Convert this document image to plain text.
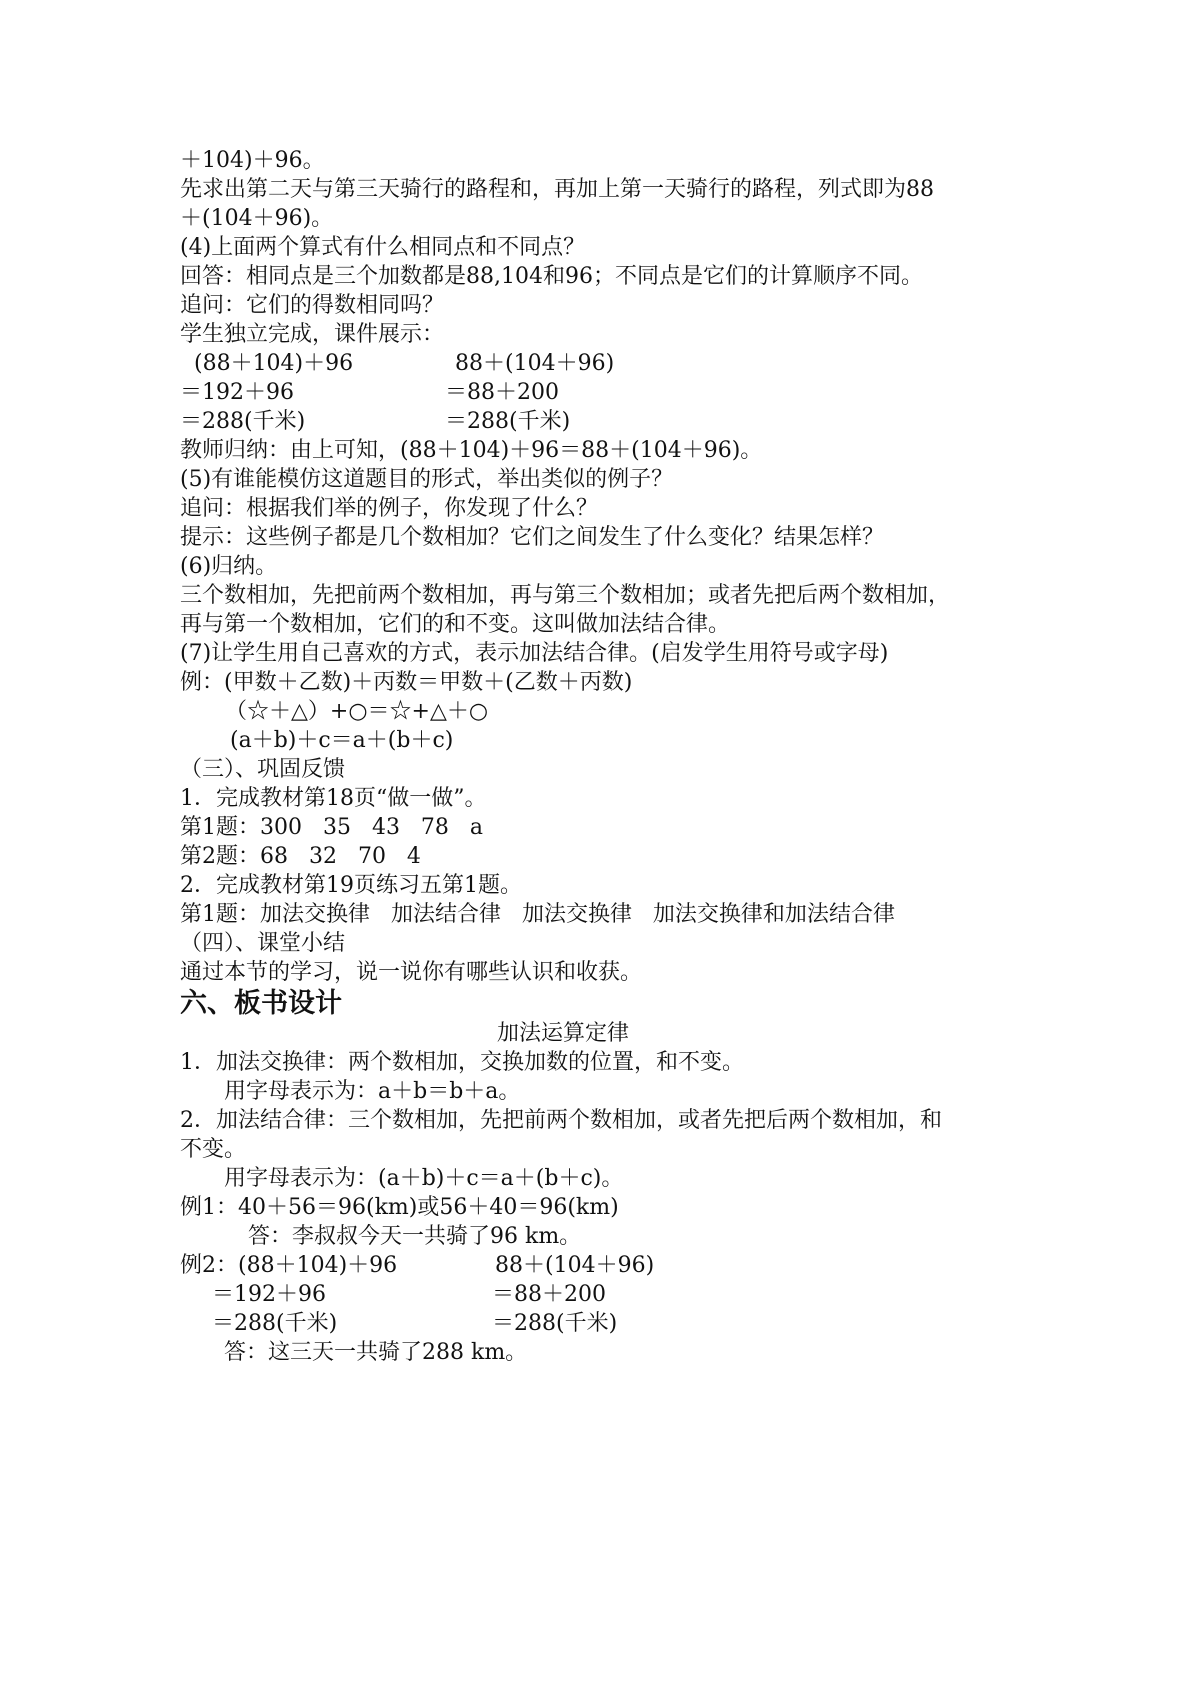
＋104)＋96。
先求出第二天与第三天骑行的路程和，再加上第一天骑行的路程，列式即为88
＋(104＋96)。
(4)上面两个算式有什么相同点和不同点？
回答：相同点是三个加数都是88,104和96；不同点是它们的计算顺序不同。
追问：它们的得数相同吗？
学生独立完成，课件展示：
(88＋104)＋96	88＋(104＋96)
＝192＋96	＝88＋200
＝288(千米)	＝288(千米)
教师归纳：由上可知，(88＋104)＋96＝88＋(104＋96)。
(5)有谁能模仿这道题目的形式，举出类似的例子？
追问：根据我们举的例子，你发现了什么？
提示：这些例子都是几个数相加？它们之间发生了什么变化？结果怎样？
(6)归纳。
三个数相加，先把前两个数相加，再与第三个数相加；或者先把后两个数相加，
再与第一个数相加，它们的和不变。这叫做加法结合律。
(7)让学生用自己喜欢的方式，表示加法结合律。(启发学生用符号或字母)
例：(甲数＋乙数)＋丙数＝甲数＋(乙数＋丙数)
（☆＋△）+○＝☆+△＋○
(a＋b)＋c＝a＋(b＋c)
（三）、巩固反馈
1．完成教材第18页“做一做”。
第1题：300   35   43   78   a
第2题：68   32   70   4
2．完成教材第19页练习五第1题。
第1题：加法交换律   加法结合律   加法交换律   加法交换律和加法结合律
（四）、课堂小结
通过本节的学习，说一说你有哪些认识和收获。
六、板书设计
加法运算定律
1．加法交换律：两个数相加，交换加数的位置，和不变。
用字母表示为：a＋b＝b＋a。
2．加法结合律：三个数相加，先把前两个数相加，或者先把后两个数相加，和
不变。
用字母表示为：(a＋b)＋c＝a＋(b＋c)。
例1：40＋56＝96(km)或56＋40＝96(km)
答：李叔叔今天一共骑了96 km。
例2：(88＋104)＋96	88＋(104＋96)
＝192＋96	＝88＋200
＝288(千米)	＝288(千米)
答：这三天一共骑了288 km。
